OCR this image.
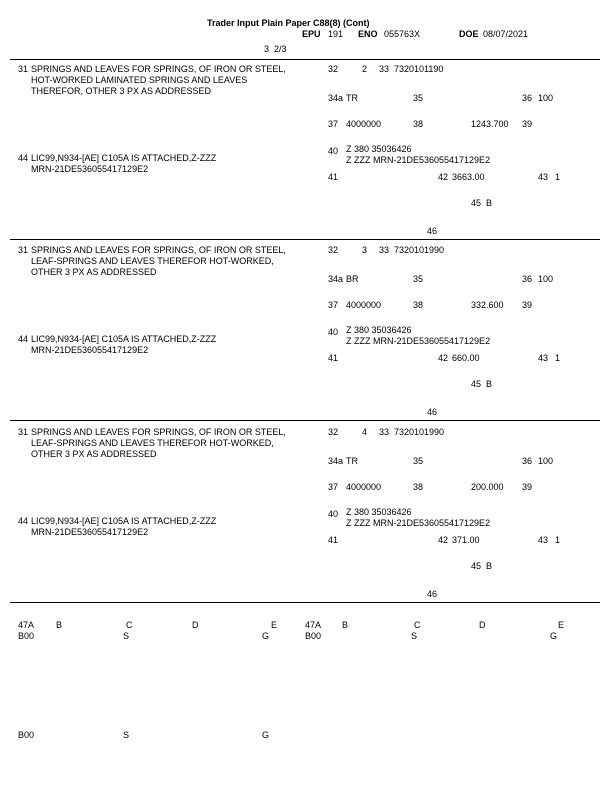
Trader Input Plain Paper C88(8) (Cont)
EPU 191 ENO 055763X	DOE 08/07/2021
3  2/3
31 SPRINGS AND LEAVES FOR SPRINGS, OF IRON OR STEEL,
HOT-WORKED LAMINATED SPRINGS AND LEAVES
THEREFOR, OTHER 3 PX AS ADDRESSED
44 LIC99,N934-[AE] C105A IS ATTACHED,Z-ZZZ
MRN-21DE536055417129E2
32	2 33 7320101190
34a TR	35	36 100
37 4000000	38	1243.700 39
40 Z 380 35036426
Z ZZZ MRN-21DE536055417129E2
41	42 3663.00	43 1
45 B
46
31 SPRINGS AND LEAVES FOR SPRINGS, OF IRON OR STEEL,
LEAF-SPRINGS AND LEAVES THEREFOR HOT-WORKED,
OTHER 3 PX AS ADDRESSED
44 LIC99,N934-[AE] C105A IS ATTACHED,Z-ZZZ
MRN-21DE536055417129E2
32	3 33 7320101990
34a BR	35	36 100
37 4000000	38	332.600 39
40 Z 380 35036426
Z ZZZ MRN-21DE536055417129E2
41	42 660.00	43 1
45 B
46
31 SPRINGS AND LEAVES FOR SPRINGS, OF IRON OR STEEL,
LEAF-SPRINGS AND LEAVES THEREFOR HOT-WORKED,
OTHER 3 PX AS ADDRESSED
44 LIC99,N934-[AE] C105A IS ATTACHED,Z-ZZZ
MRN-21DE536055417129E2
32	4 33 7320101990
34a TR	35	36 100
37 4000000	38	200.000 39
40 Z 380 35036426
Z ZZZ MRN-21DE536055417129E2
41	42 371.00	43 1
45 B
46
47A B	C	D	E
B00	S	G
47A B	C	D	E
B00	S	G
B00	S	G
